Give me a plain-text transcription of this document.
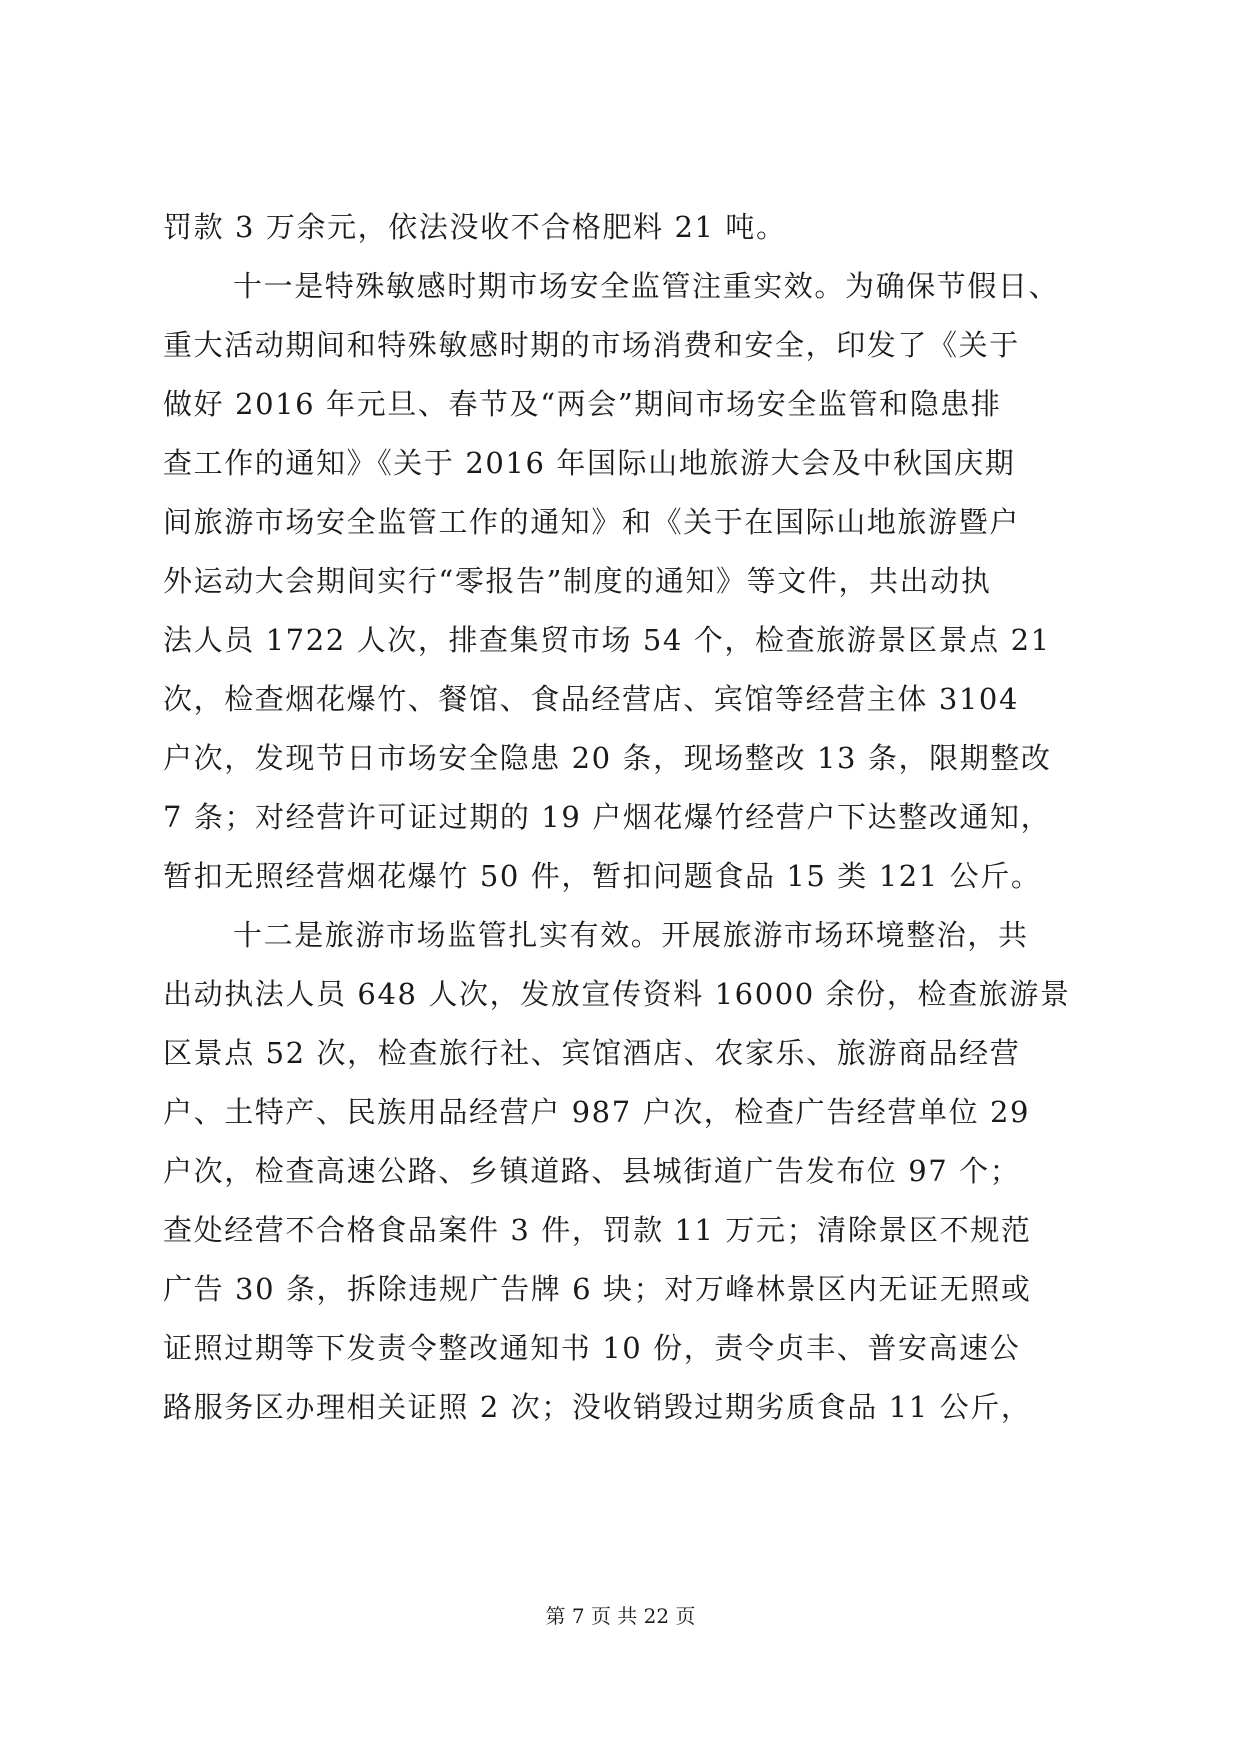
罚款 3 万余元，依法没收不合格肥料 21 吨。
十一是特殊敏感时期市场安全监管注重实效。为确保节假日、
重大活动期间和特殊敏感时期的市场消费和安全，印发了《关于
做好 2016 年元旦、春节及“两会”期间市场安全监管和隐患排
查工作的通知》《关于 2016 年国际山地旅游大会及中秋国庆期
间旅游市场安全监管工作的通知》和《关于在国际山地旅游暨户
外运动大会期间实行“零报告”制度的通知》等文件，共出动执
法人员 1722 人次，排查集贸市场 54 个，检查旅游景区景点 21
次，检查烟花爆竹、餐馆、食品经营店、宾馆等经营主体 3104
户次，发现节日市场安全隐患 20 条，现场整改 13 条，限期整改
7 条；对经营许可证过期的 19 户烟花爆竹经营户下达整改通知，
暂扣无照经营烟花爆竹 50 件，暂扣问题食品 15 类 121 公斤。
十二是旅游市场监管扎实有效。开展旅游市场环境整治，共
出动执法人员 648 人次，发放宣传资料 16000 余份，检查旅游景
区景点 52 次，检查旅行社、宾馆酒店、农家乐、旅游商品经营
户、土特产、民族用品经营户 987 户次，检查广告经营单位 29
户次，检查高速公路、乡镇道路、县城街道广告发布位 97 个；
查处经营不合格食品案件 3 件，罚款 11 万元；清除景区不规范
广告 30 条，拆除违规广告牌 6 块；对万峰林景区内无证无照或
证照过期等下发责令整改通知书 10 份，责令贞丰、普安高速公
路服务区办理相关证照 2 次；没收销毁过期劣质食品 11 公斤，
第 7 页 共 22 页
